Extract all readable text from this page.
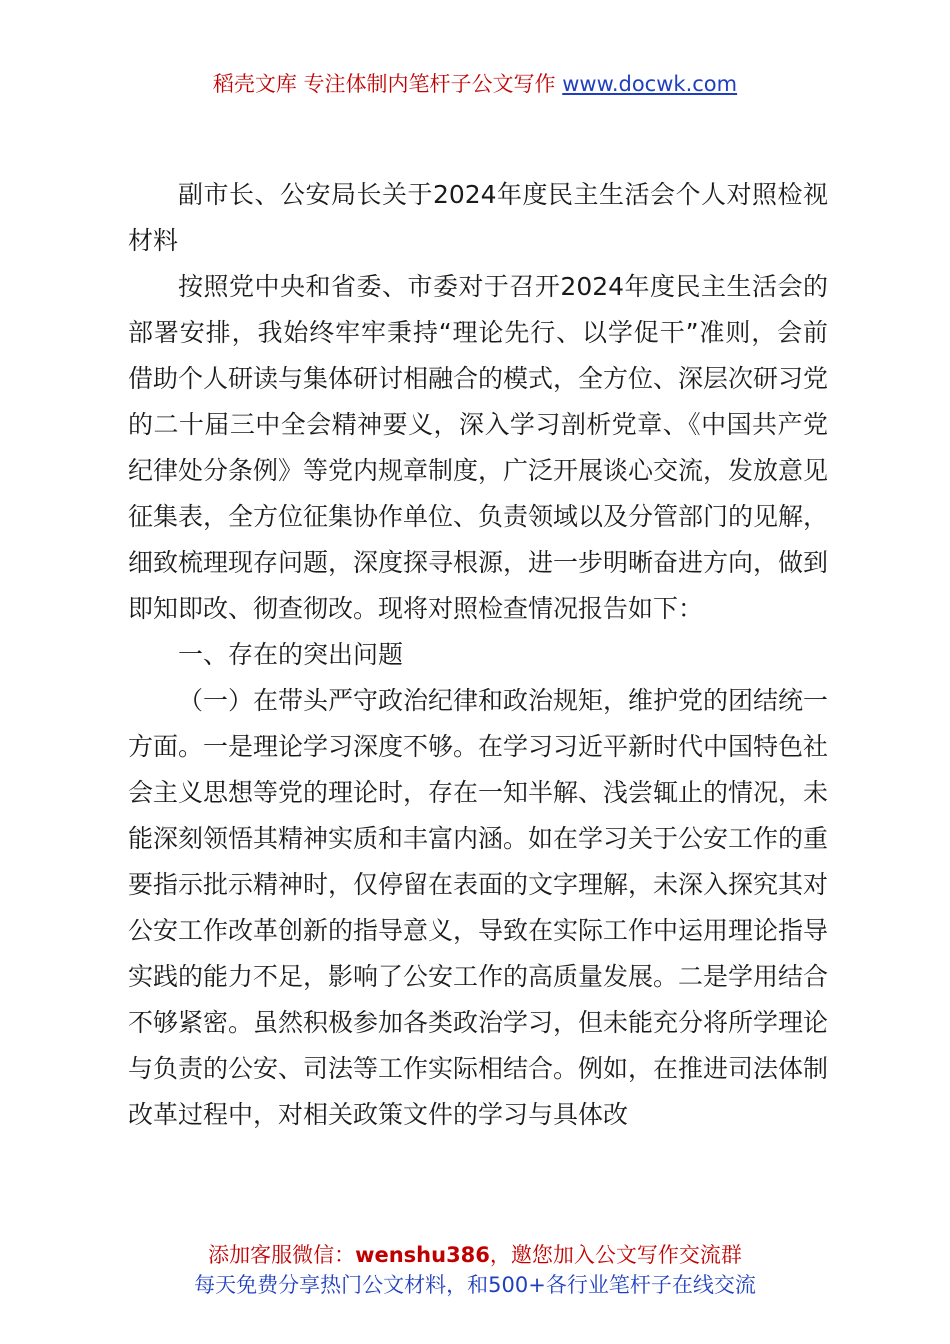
稻壳文库 专注体制内笔杆子公文写作 www.docwk.com

副市长、公安局长关于2024年度民主生活会个人对照检视材料

按照党中央和省委、市委对于召开2024年度民主生活会的部署安排，我始终牢牢秉持“理论先行、以学促干”准则，会前借助个人研读与集体研讨相融合的模式，全方位、深层次研习党的二十届三中全会精神要义，深入学习剖析党章、《中国共产党纪律处分条例》等党内规章制度，广泛开展谈心交流，发放意见征集表，全方位征集协作单位、负责领域以及分管部门的见解，细致梳理现存问题，深度探寻根源，进一步明晰奋进方向，做到即知即改、彻查彻改。现将对照检查情况报告如下：

一、存在的突出问题

（一）在带头严守政治纪律和政治规矩，维护党的团结统一方面。一是理论学习深度不够。在学习习近平新时代中国特色社会主义思想等党的理论时，存在一知半解、浅尝辄止的情况，未能深刻领悟其精神实质和丰富内涵。如在学习关于公安工作的重要指示批示精神时，仅停留在表面的文字理解，未深入探究其对公安工作改革创新的指导意义，导致在实际工作中运用理论指导实践的能力不足，影响了公安工作的高质量发展。二是学用结合不够紧密。虽然积极参加各类政治学习，但未能充分将所学理论与负责的公安、司法等工作实际相结合。例如，在推进司法体制改革过程中，对相关政策文件的学习与具体改

添加客服微信：wenshu386，邀您加入公文写作交流群
每天免费分享热门公文材料，和500+各行业笔杆子在线交流
